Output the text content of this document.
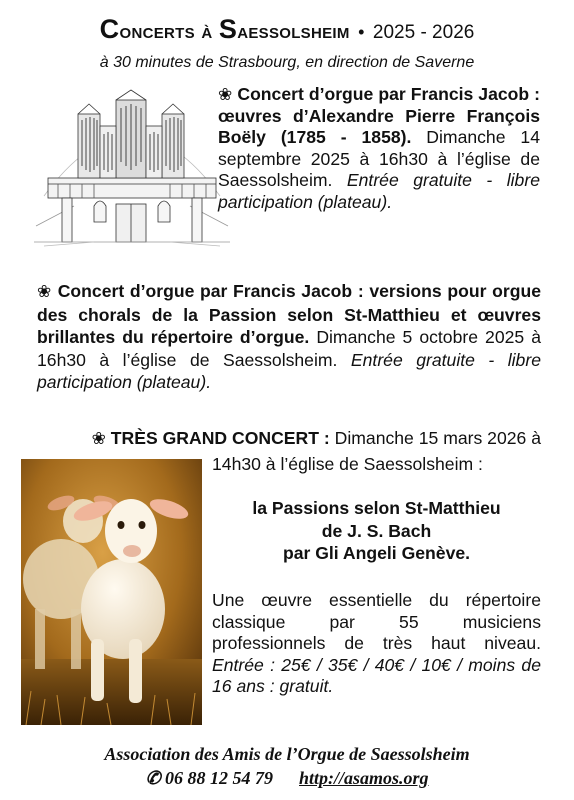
Concerts à Saessolsheim • 2025 - 2026
à 30 minutes de Strasbourg, en direction de Saverne
❀ Concert d’orgue par Francis Jacob : œuvres d’Alexandre Pierre François Boëly (1785 - 1858). Dimanche 14 septembre 2025 à 16h30 à l’église de Saessolsheim. Entrée gratuite - libre participation (plateau).
❀ Concert d’orgue par Francis Jacob : versions pour orgue des chorals de la Passion selon St-Matthieu et œuvres brillantes du répertoire d’orgue. Dimanche 5 octobre 2025 à 16h30 à l’église de Saessolsheim. Entrée gratuite - libre participation (plateau).
❀ TRÈS GRAND CONCERT : Dimanche 15 mars 2026 à
14h30 à l’église de Saessolsheim :
la Passions selon St-Matthieu
de J. S. Bach
par Gli Angeli Genève.
Une œuvre essentielle du répertoire classique par 55 musiciens professionnels de très haut niveau. Entrée : 25€ / 35€ / 40€ / 10€ / moins de 16 ans : gratuit.
Association des Amis de l’Orgue de Saessolsheim
✆ 06 88 12 54 79 http://asamos.org
